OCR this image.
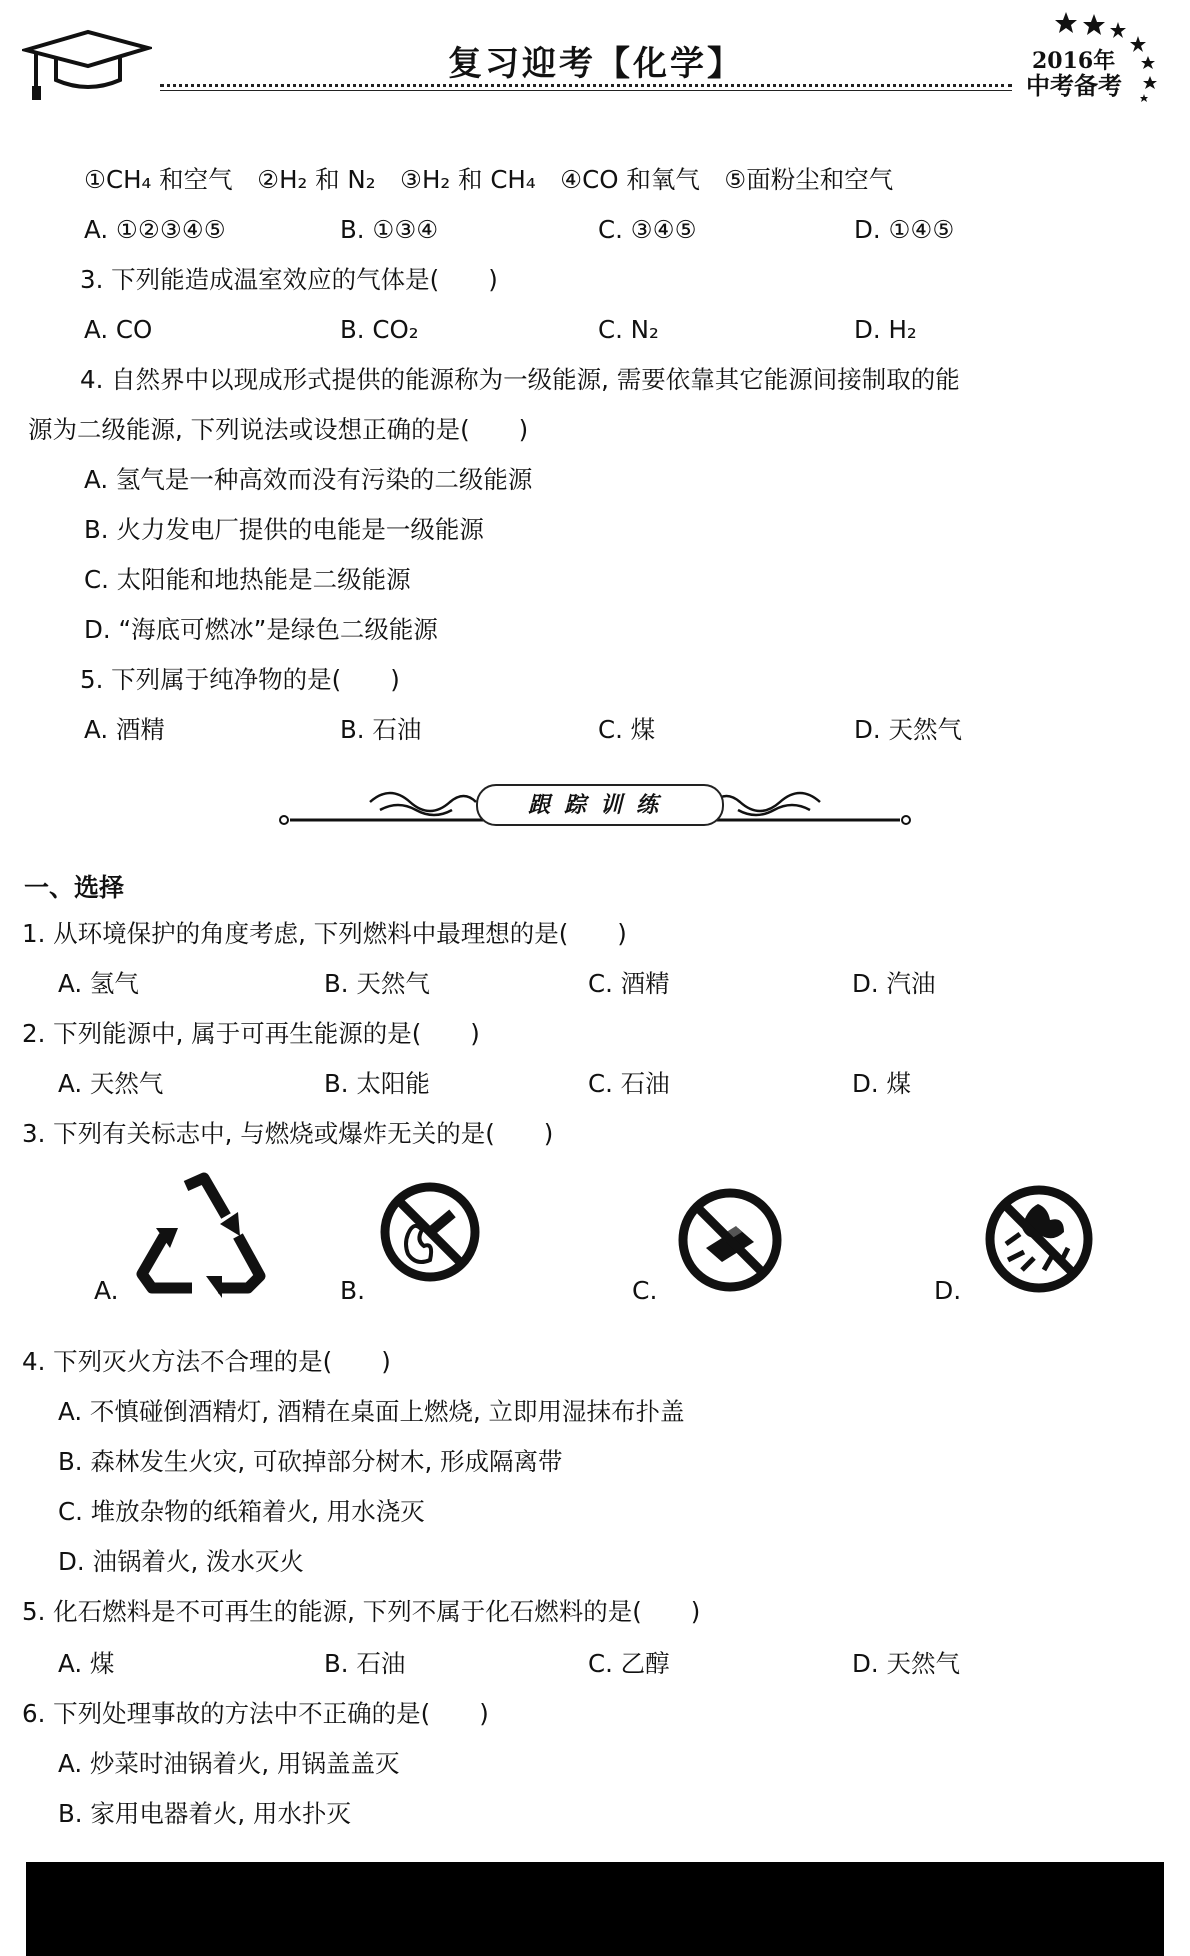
复习迎考【化学】	2016年
中考备考
①CH₄ 和空气　②H₂ 和 N₂　③H₂ 和 CH₄　④CO 和氧气　⑤面粉尘和空气
A. ①②③④⑤	B. ①③④	C. ③④⑤	D. ①④⑤
3. 下列能造成温室效应的气体是(　　)
A. CO	B. CO₂	C. N₂	D. H₂
4. 自然界中以现成形式提供的能源称为一级能源, 需要依靠其它能源间接制取的能
源为二级能源, 下列说法或设想正确的是(　　)
A. 氢气是一种高效而没有污染的二级能源
B. 火力发电厂提供的电能是一级能源
C. 太阳能和地热能是二级能源
D. “海底可燃冰”是绿色二级能源
5. 下列属于纯净物的是(　　)
A. 酒精	B. 石油	C. 煤	D. 天然气
跟踪训练
一、选择
1. 从环境保护的角度考虑, 下列燃料中最理想的是(　　)
A. 氢气	B. 天然气	C. 酒精	D. 汽油
2. 下列能源中, 属于可再生能源的是(　　)
A. 天然气	B. 太阳能	C. 石油	D. 煤
3. 下列有关标志中, 与燃烧或爆炸无关的是(　　)
A.	B.	C.	D.
4. 下列灭火方法不合理的是(　　)
A. 不慎碰倒酒精灯, 酒精在桌面上燃烧, 立即用湿抹布扑盖
B. 森林发生火灾, 可砍掉部分树木, 形成隔离带
C. 堆放杂物的纸箱着火, 用水浇灭
D. 油锅着火, 泼水灭火
5. 化石燃料是不可再生的能源, 下列不属于化石燃料的是(　　)
A. 煤	B. 石油	C. 乙醇	D. 天然气
6. 下列处理事故的方法中不正确的是(　　)
A. 炒菜时油锅着火, 用锅盖盖灭
B. 家用电器着火, 用水扑灭
